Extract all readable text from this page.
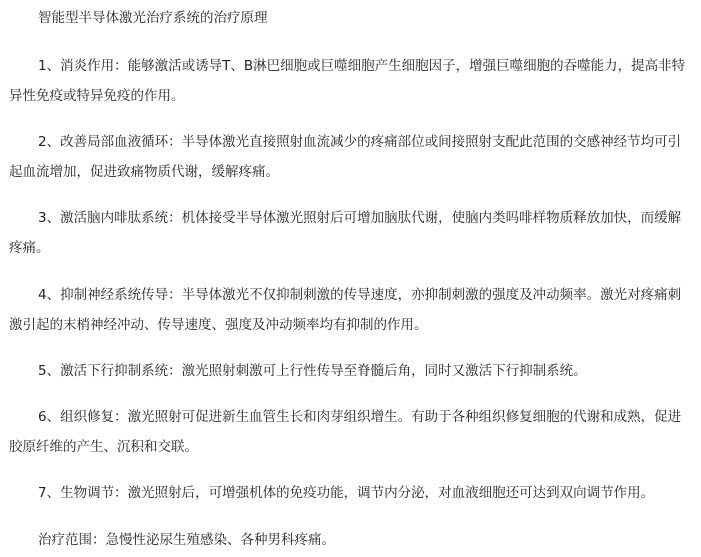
智能型半导体激光治疗系统的治疗原理
1、消炎作用：能够激活或诱导T、B淋巴细胞或巨噬细胞产生细胞因子，增强巨噬细胞的吞噬能力，提高非特异性免疫或特异免疫的作用。
2、改善局部血液循环：半导体激光直接照射血流减少的疼痛部位或间接照射支配此范围的交感神经节均可引起血流增加，促进致痛物质代谢，缓解疼痛。
3、激活脑内啡肽系统：机体接受半导体激光照射后可增加脑肽代谢，使脑内类吗啡样物质释放加快，而缓解疼痛。
4、抑制神经系统传导：半导体激光不仅抑制刺激的传导速度，亦抑制刺激的强度及冲动频率。激光对疼痛刺激引起的末梢神经冲动、传导速度、强度及冲动频率均有抑制的作用。
5、激活下行抑制系统：激光照射刺激可上行性传导至脊髓后角，同时又激活下行抑制系统。
6、组织修复：激光照射可促进新生血管生长和肉芽组织增生。有助于各种组织修复细胞的代谢和成熟，促进胶原纤维的产生、沉积和交联。
7、生物调节：激光照射后，可增强机体的免疫功能，调节内分泌，对血液细胞还可达到双向调节作用。
治疗范围：急慢性泌尿生殖感染、各种男科疼痛。
